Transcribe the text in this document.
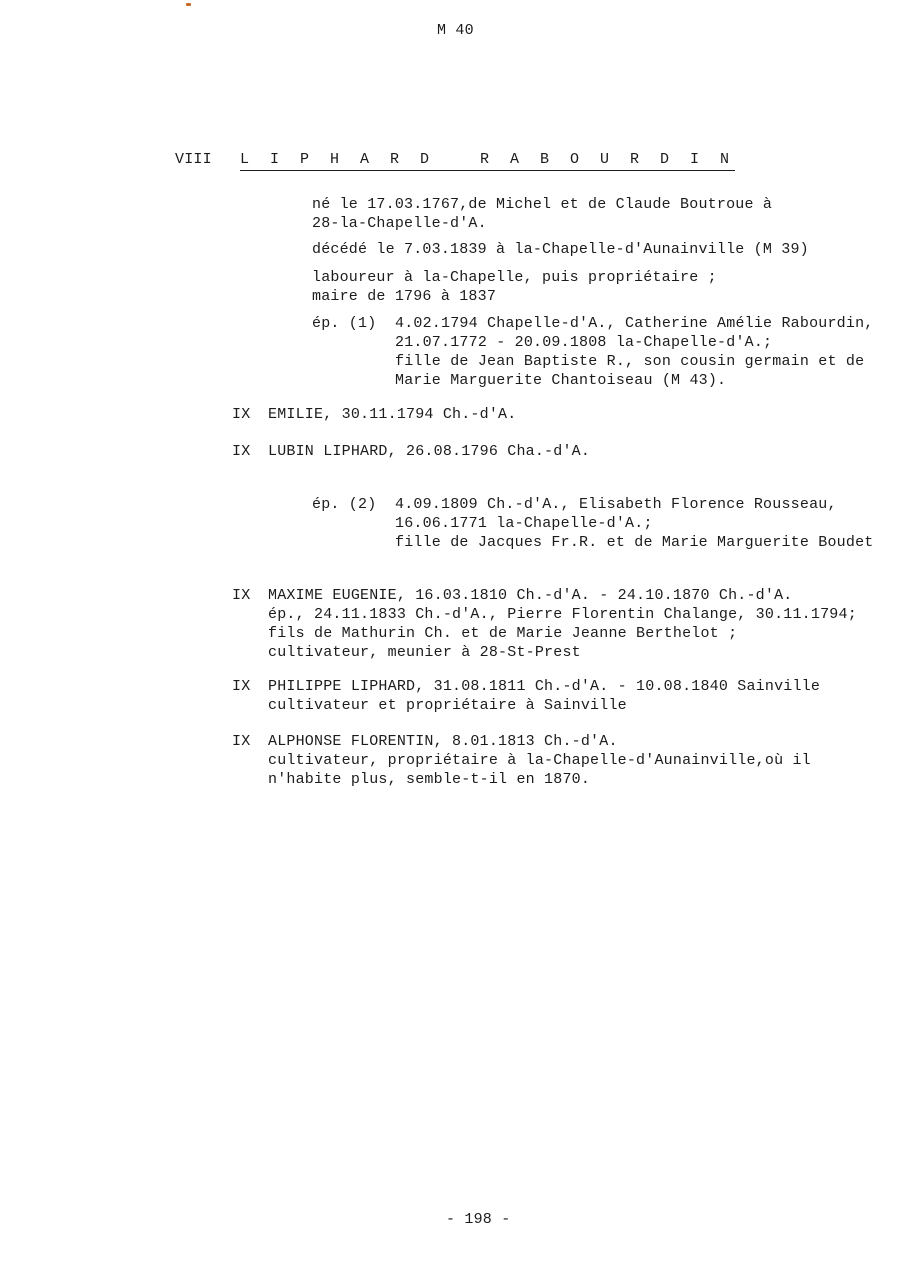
M 40
VIII L I P H A R D   R A B O U R D I N
né le 17.03.1767,de Michel et de Claude Boutroue à
28-la-Chapelle-d'A.
décédé le 7.03.1839 à la-Chapelle-d'Aunainville (M 39)
laboureur à la-Chapelle, puis propriétaire ;
maire de 1796 à 1837
ép. (1) 4.02.1794 Chapelle-d'A., Catherine Amélie Rabourdin,
21.07.1772 - 20.09.1808 la-Chapelle-d'A.;
fille de Jean Baptiste R., son cousin germain et de
Marie Marguerite Chantoiseau (M 43).
IX EMILIE, 30.11.1794 Ch.-d'A.
IX LUBIN LIPHARD, 26.08.1796 Cha.-d'A.
ép. (2) 4.09.1809 Ch.-d'A., Elisabeth Florence Rousseau,
16.06.1771 la-Chapelle-d'A.;
fille de Jacques Fr.R. et de Marie Marguerite Boudet
IX MAXIME EUGENIE, 16.03.1810 Ch.-d'A. - 24.10.1870 Ch.-d'A.
ép., 24.11.1833 Ch.-d'A., Pierre Florentin Chalange, 30.11.1794;
fils de Mathurin Ch. et de Marie Jeanne Berthelot ;
cultivateur, meunier à 28-St-Prest
IX PHILIPPE LIPHARD, 31.08.1811 Ch.-d'A. - 10.08.1840 Sainville
cultivateur et propriétaire à Sainville
IX ALPHONSE FLORENTIN, 8.01.1813 Ch.-d'A.
cultivateur, propriétaire à la-Chapelle-d'Aunainville,où il
n'habite plus, semble-t-il en 1870.
- 198 -
